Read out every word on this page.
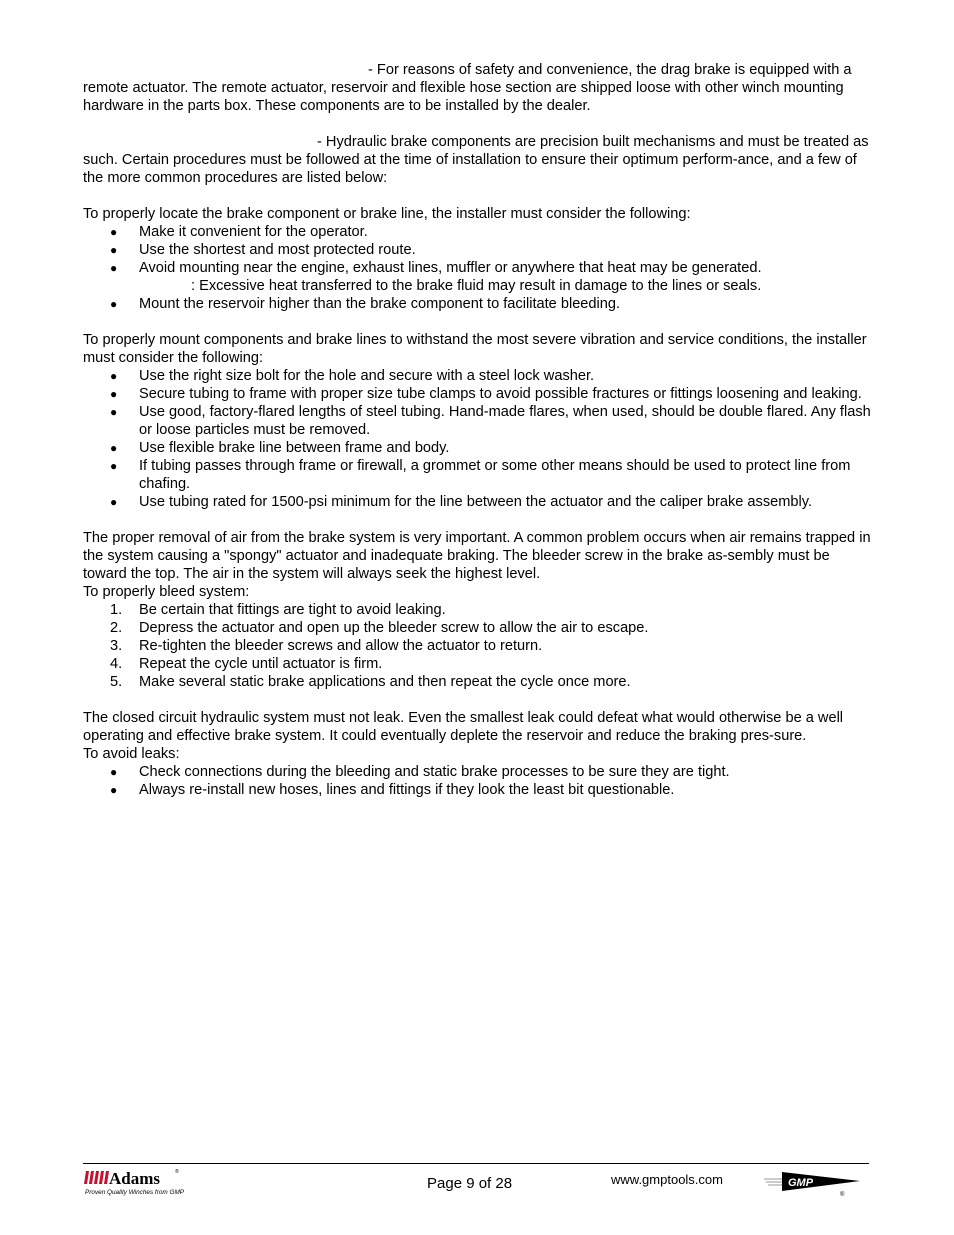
- For reasons of safety and convenience, the drag brake is equipped with a remote actuator. The remote actuator, reservoir and flexible hose section are shipped loose with other winch mounting hardware in the parts box. These components are to be installed by the dealer.

- Hydraulic brake components are precision built mechanisms and must be treated as such. Certain procedures must be followed at the time of installation to ensure their optimum perform-ance, and a few of the more common procedures are listed below:

To properly locate the brake component or brake line, the installer must consider the following:

●	Make it convenient for the operator.
●	Use the shortest and most protected route.
●	Avoid mounting near the engine, exhaust lines, muffler or anywhere that heat may be generated.

: Excessive heat transferred to the brake fluid may result in damage to the lines or seals.

●	Mount the reservoir higher than the brake component to facilitate bleeding.

To properly mount components and brake lines to withstand the most severe vibration and service conditions, the installer must consider the following:

●	Use the right size bolt for the hole and secure with a steel lock washer.
●	Secure tubing to frame with proper size tube clamps to avoid possible fractures or fittings loosening and leaking.
●	Use good, factory-flared lengths of steel tubing. Hand-made flares, when used, should be double flared. Any flash or loose particles must be removed.
●	Use flexible brake line between frame and body.
●	If tubing passes through frame or firewall, a grommet or some other means should be used to protect line from chafing.
●	Use tubing rated for 1500-psi minimum for the line between the actuator and the caliper brake assembly.

The proper removal of air from the brake system is very important. A common problem occurs when air remains trapped in the system causing a "spongy" actuator and inadequate braking. The bleeder screw in the brake as-sembly must be toward the top. The air in the system will always seek the highest level.

To properly bleed system:

1.	Be certain that fittings are tight to avoid leaking.
2.	Depress the actuator and open up the bleeder screw to allow the air to escape.
3.	Re-tighten the bleeder screws and allow the actuator to return.
4.	Repeat the cycle until actuator is firm.
5.	Make several static brake applications and then repeat the cycle once more.

The closed circuit hydraulic system must not leak. Even the smallest leak could defeat what would otherwise be a well operating and effective brake system. It could eventually deplete the reservoir and reduce the braking pres-sure.

To avoid leaks:

●	Check connections during the bleeding and static brake processes to be sure they are tight.
●	Always re-install new hoses, lines and fittings if they look the least bit questionable.
Adams	®
Proven Quality Winches from GMP
Page 9 of 28	www.gmptools.com	GMP
®
